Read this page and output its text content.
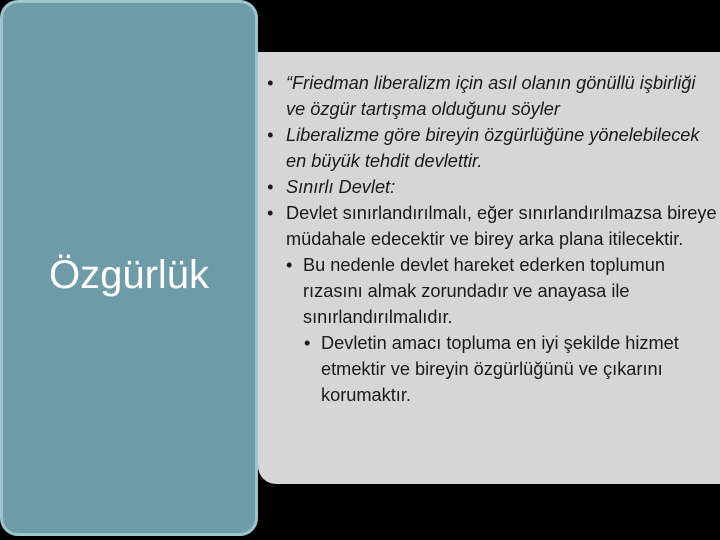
Özgürlük
• “Friedman liberalizm için asıl olanın gönüllü işbirliği ve özgür tartışma olduğunu söyler
• Liberalizme göre bireyin özgürlüğüne yönelebilecek en büyük tehdit devlettir.
• Sınırlı Devlet:
• Devlet sınırlandırılmalı, eğer sınırlandırılmazsa bireye müdahale edecektir ve birey arka plana itilecektir.
• Bu nedenle devlet hareket ederken toplumun rızasını almak zorundadır ve anayasa ile sınırlandırılmalıdır.
• Devletin amacı topluma en iyi şekilde hizmet etmektir ve bireyin özgürlüğünü ve çıkarını korumaktır.
